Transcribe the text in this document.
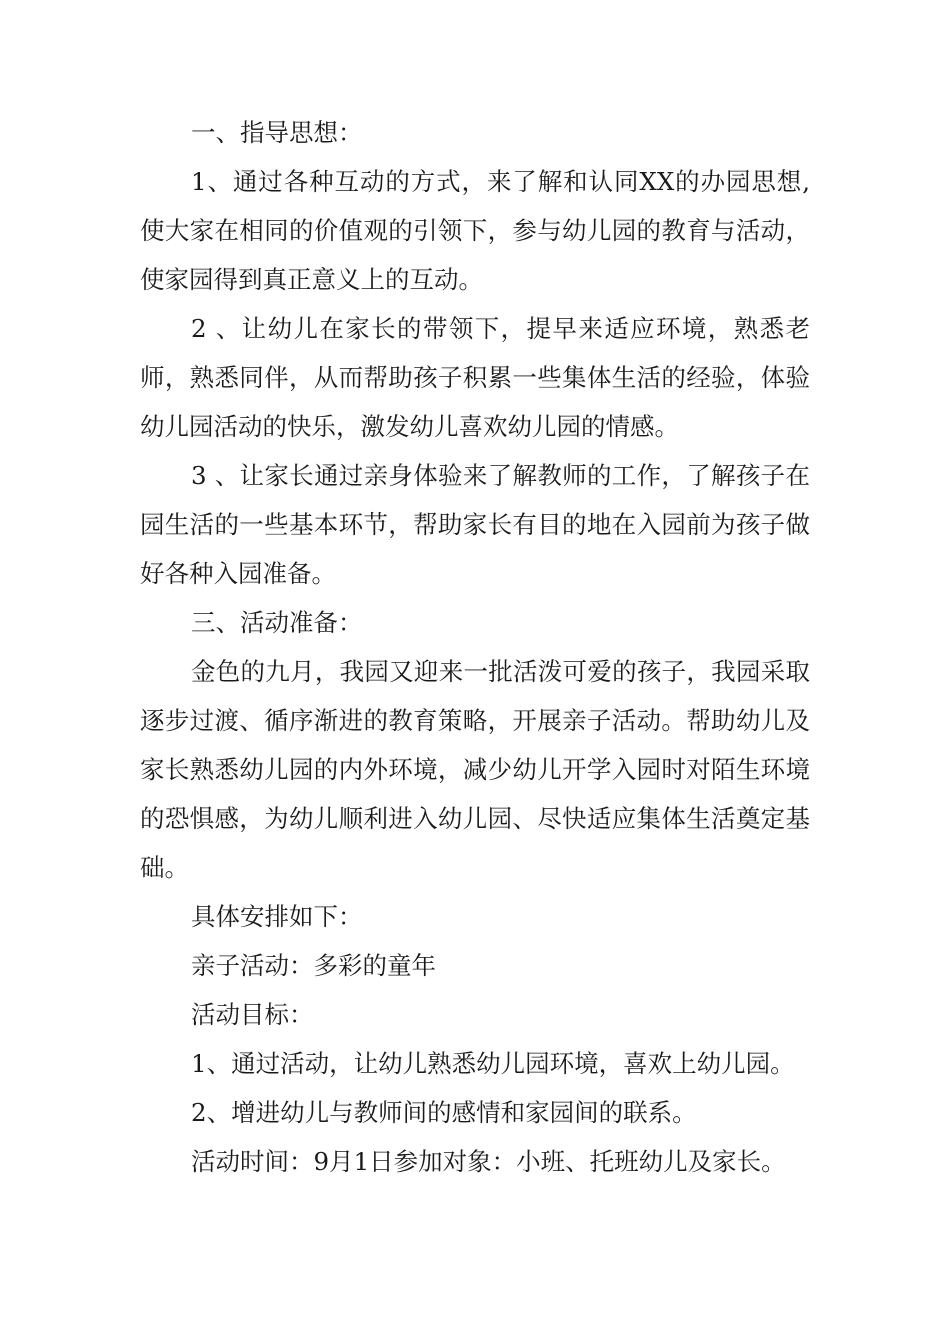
一、指导思想：

1、通过各种互动的方式，来了解和认同XX的办园思想,使大家在相同的价值观的引领下，参与幼儿园的教育与活动，使家园得到真正意义上的互动。

2 、让幼儿在家长的带领下，提早来适应环境，熟悉老师，熟悉同伴，从而帮助孩子积累一些集体生活的经验，体验幼儿园活动的快乐，激发幼儿喜欢幼儿园的情感。

3 、让家长通过亲身体验来了解教师的工作，了解孩子在园生活的一些基本环节，帮助家长有目的地在入园前为孩子做好各种入园准备。

三、活动准备：

金色的九月，我园又迎来一批活泼可爱的孩子，我园采取逐步过渡、循序渐进的教育策略，开展亲子活动。帮助幼儿及家长熟悉幼儿园的内外环境，减少幼儿开学入园时对陌生环境的恐惧感，为幼儿顺利进入幼儿园、尽快适应集体生活奠定基础。

具体安排如下：

亲子活动：多彩的童年

活动目标：

1、通过活动，让幼儿熟悉幼儿园环境，喜欢上幼儿园。

2、增进幼儿与教师间的感情和家园间的联系。

活动时间：9月1日参加对象：小班、托班幼儿及家长。
